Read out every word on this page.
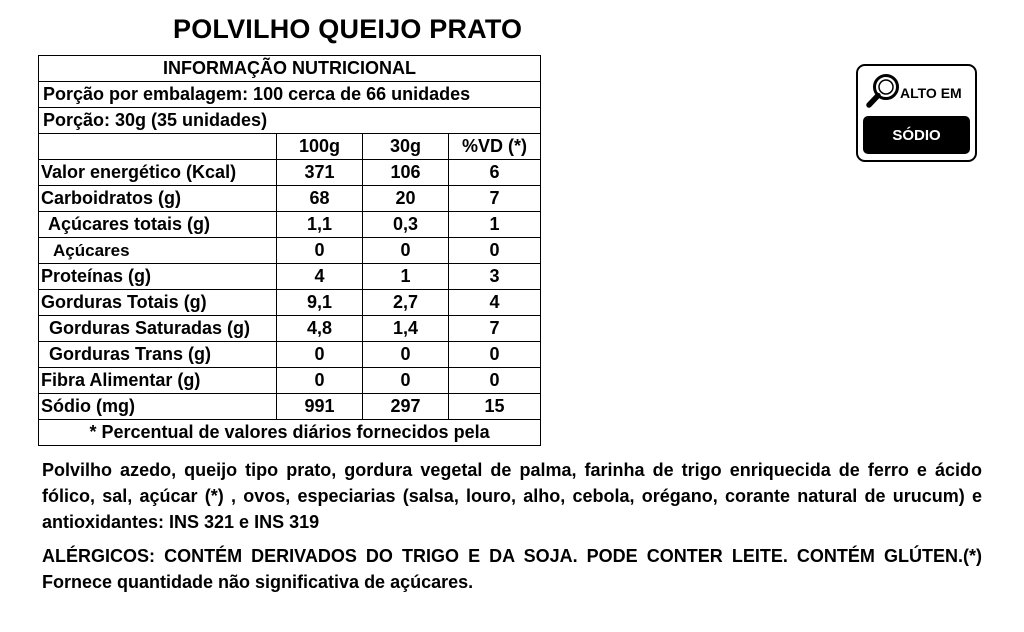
POLVILHO QUEIJO PRATO
INFORMAÇÃO NUTRICIONAL			
Porção por embalagem: 100 cerca de 66 unidades			
Porção: 30g (35 unidades)			
	100g	30g	%VD (*)
Valor energético (Kcal)	371	106	6
Carboidratos (g)	68	20	7
Açúcares totais (g)	1,1	0,3	1
Açúcares	0	0	0
Proteínas (g)	4	1	3
Gorduras Totais (g)	9,1	2,7	4
Gorduras Saturadas (g)	4,8	1,4	7
Gorduras Trans (g)	0	0	0
Fibra Alimentar (g)	0	0	0
Sódio (mg)	991	297	15
* Percentual de valores diários fornecidos pela			

Polvilho azedo, queijo tipo prato, gordura vegetal de palma, farinha de trigo enriquecida de ferro e ácido fólico, sal, açúcar (*) , ovos, especiarias (salsa, louro, alho, cebola, orégano, corante natural de urucum) e antioxidantes: INS 321 e INS 319

ALÉRGICOS: CONTÉM DERIVADOS DO TRIGO E DA SOJA. PODE CONTER LEITE. CONTÉM GLÚTEN.(*) Fornece quantidade não significativa de açúcares.

ALTO EM
SÓDIO
